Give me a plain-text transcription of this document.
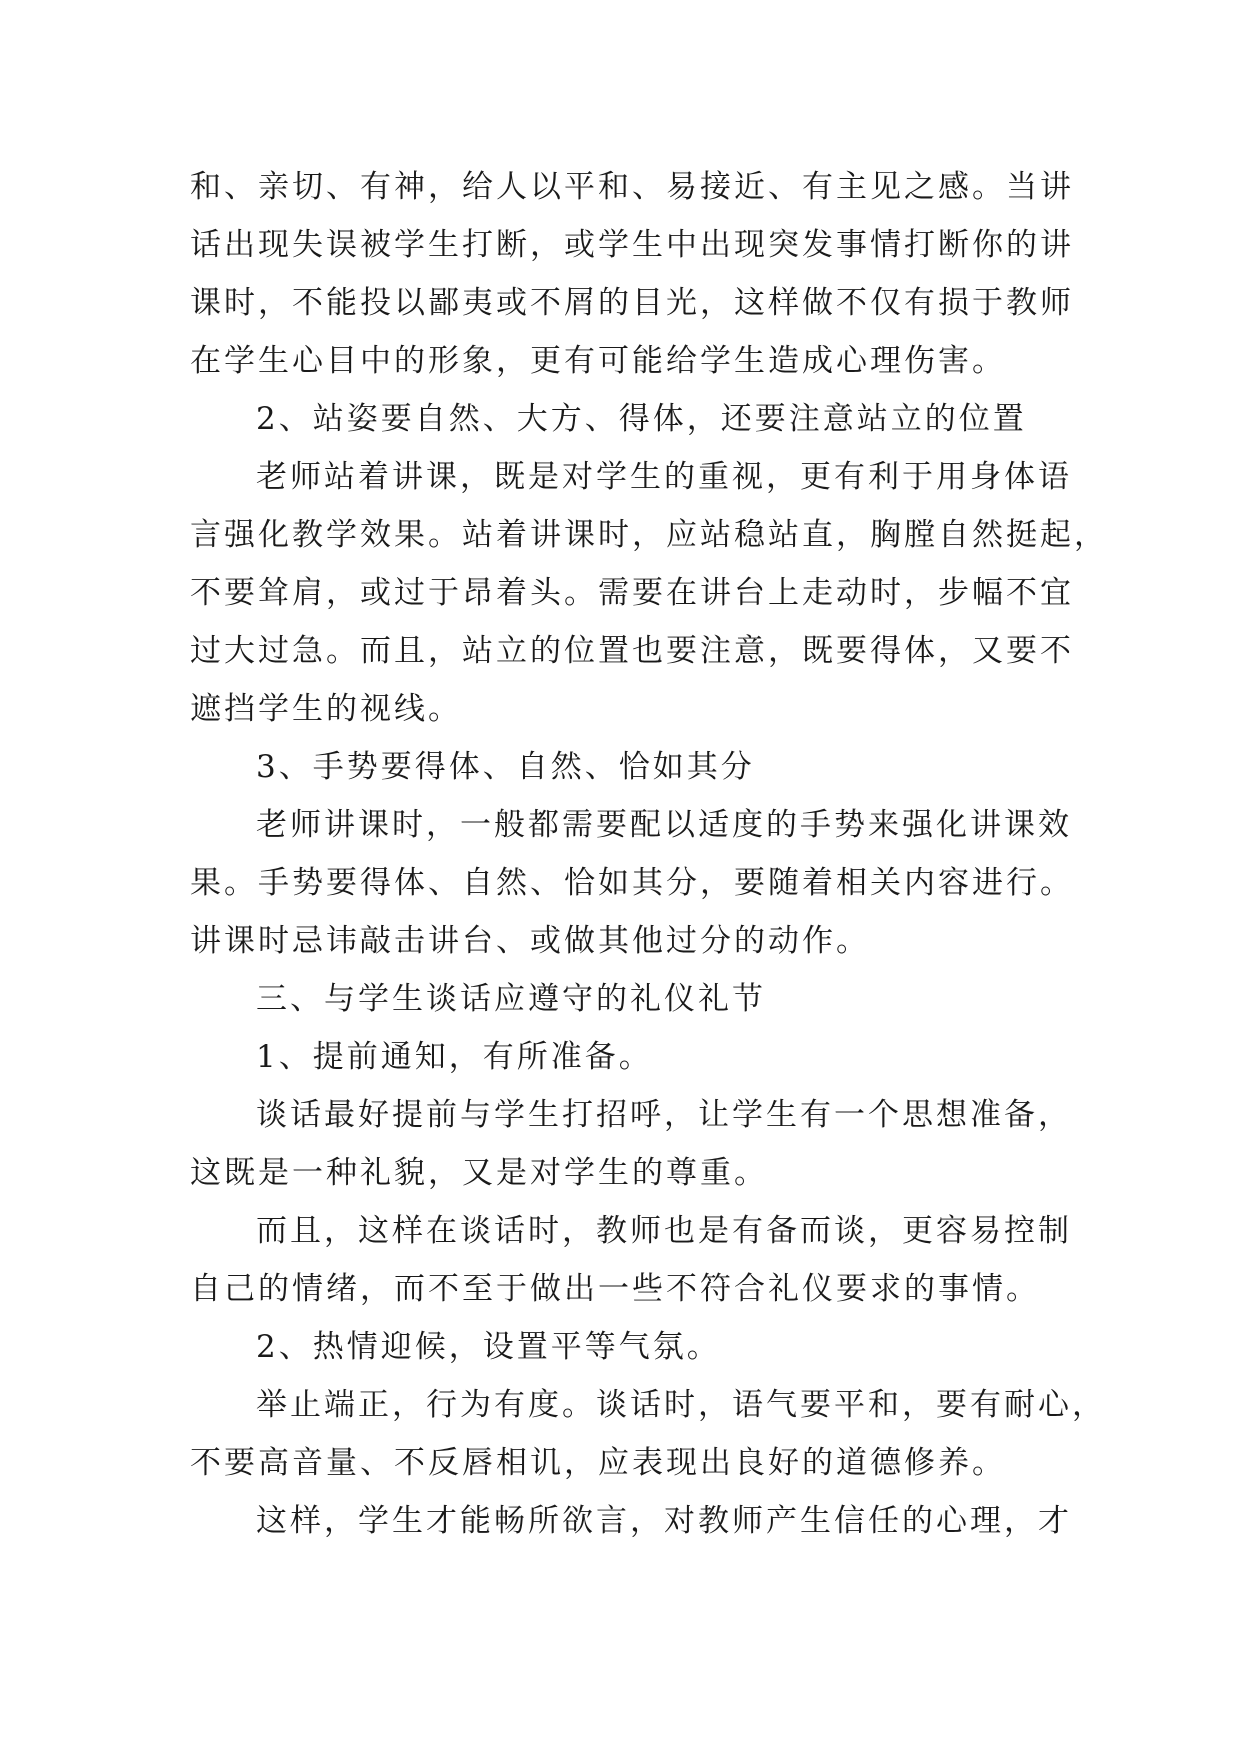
和、亲切、有神，给人以平和、易接近、有主见之感。当讲
话出现失误被学生打断，或学生中出现突发事情打断你的讲
课时，不能投以鄙夷或不屑的目光，这样做不仅有损于教师
在学生心目中的形象，更有可能给学生造成心理伤害。
2、站姿要自然、大方、得体，还要注意站立的位置
老师站着讲课，既是对学生的重视，更有利于用身体语
言强化教学效果。站着讲课时，应站稳站直，胸膛自然挺起，
不要耸肩，或过于昂着头。需要在讲台上走动时，步幅不宜
过大过急。而且，站立的位置也要注意，既要得体，又要不
遮挡学生的视线。
3、手势要得体、自然、恰如其分
老师讲课时，一般都需要配以适度的手势来强化讲课效
果。手势要得体、自然、恰如其分，要随着相关内容进行。
讲课时忌讳敲击讲台、或做其他过分的动作。
三、与学生谈话应遵守的礼仪礼节
1、提前通知，有所准备。
谈话最好提前与学生打招呼，让学生有一个思想准备，
这既是一种礼貌，又是对学生的尊重。
而且，这样在谈话时，教师也是有备而谈，更容易控制
自己的情绪，而不至于做出一些不符合礼仪要求的事情。
2、热情迎候，设置平等气氛。
举止端正，行为有度。谈话时，语气要平和，要有耐心，
不要高音量、不反唇相讥，应表现出良好的道德修养。
这样，学生才能畅所欲言，对教师产生信任的心理，才
